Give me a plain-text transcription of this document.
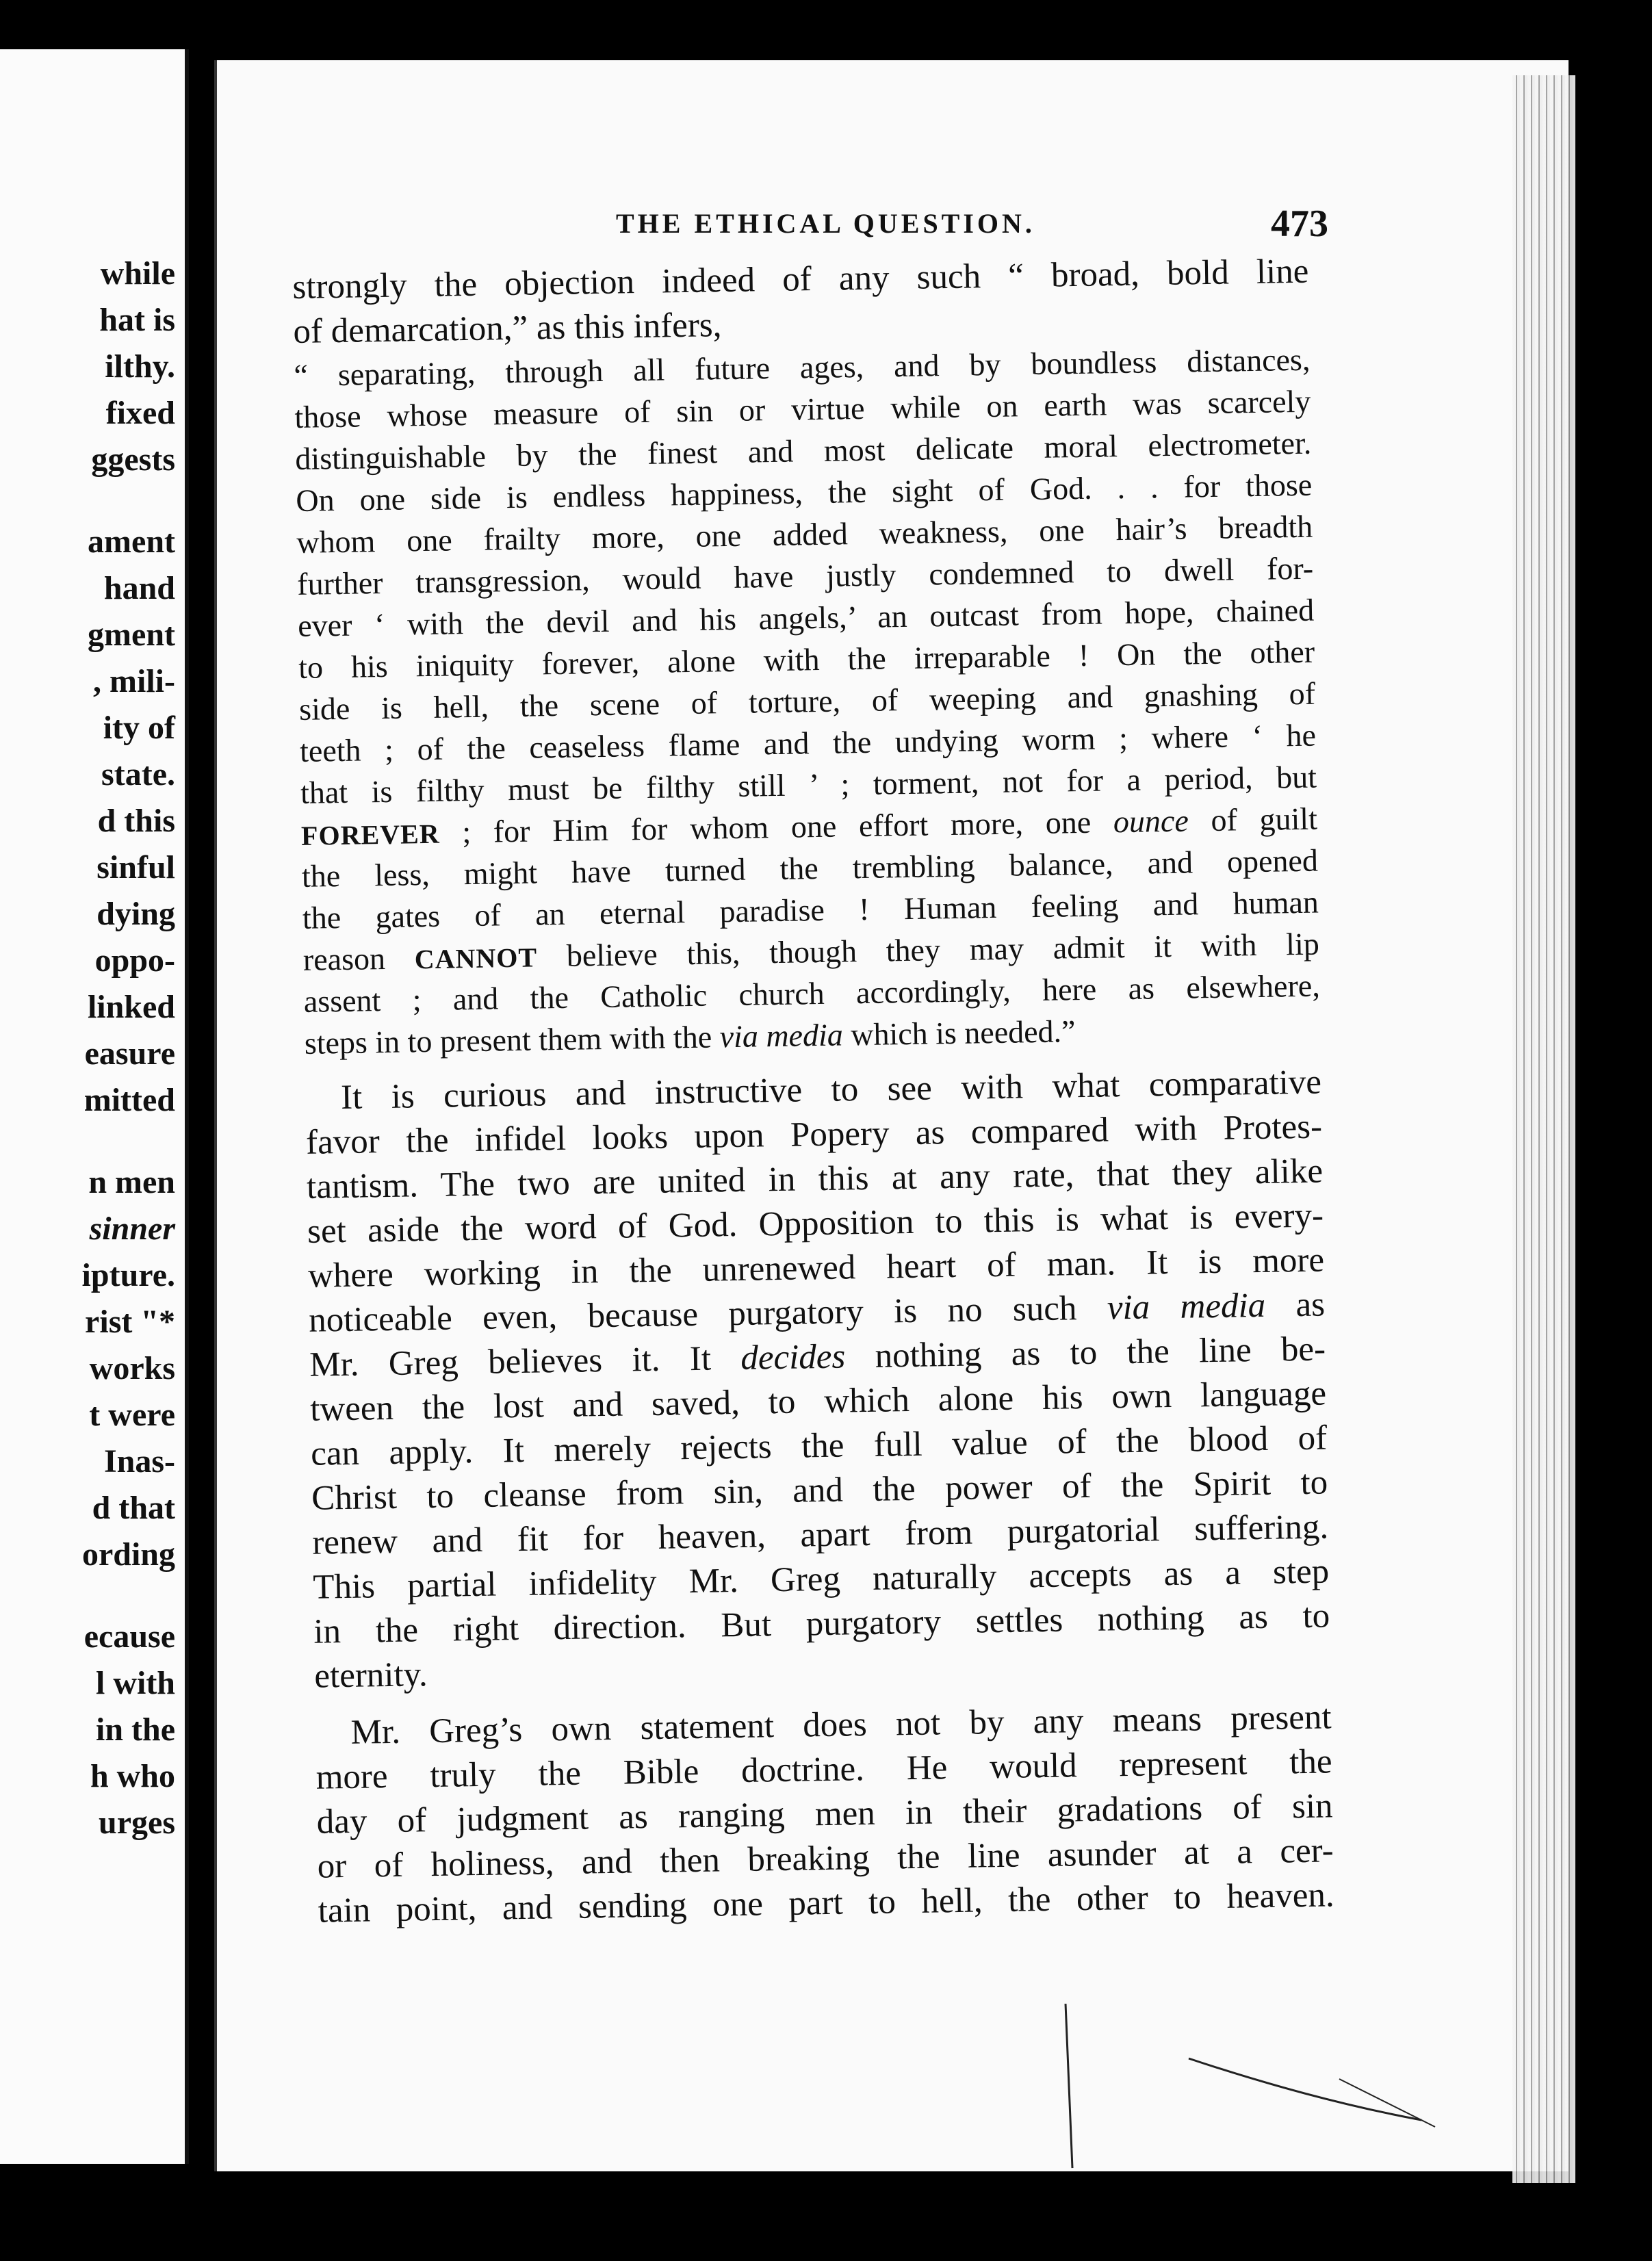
while
hat is
ilthy.
fixed
ggests
ament
hand
gment
, mili-
ity of
state.
d this
sinful
dying
oppo-
linked
easure
mitted
n men
sinner
ipture.
rist "*
works
t were
Inas-
d that
ording
ecause
l with
in the
h who
urges
THE ETHICAL QUESTION.	473
strongly the objection indeed of any such “ broad, bold line
of demarcation,” as this infers,
“ separating, through all future ages, and by boundless distances,
those whose measure of sin or virtue while on earth was scarcely
distinguishable by the finest and most delicate moral electrometer.
On one side is endless happiness, the sight of God. . . for those
whom one frailty more, one added weakness, one hair’s breadth
further transgression, would have justly condemned to dwell for-
ever ‘ with the devil and his angels,’ an outcast from hope, chained
to his iniquity forever, alone with the irreparable ! On the other
side is hell, the scene of torture, of weeping and gnashing of
teeth ; of the ceaseless flame and the undying worm ; where ‘ he
that is filthy must be filthy still ’ ; torment, not for a period, but
FOREVER ; for Him for whom one effort more, one ounce of guilt
the less, might have turned the trembling balance, and opened
the gates of an eternal paradise ! Human feeling and human
reason CANNOT believe this, though they may admit it with lip
assent ; and the Catholic church accordingly, here as elsewhere,
steps in to present them with the via media which is needed.”
It is curious and instructive to see with what comparative
favor the infidel looks upon Popery as compared with Protes-
tantism. The two are united in this at any rate, that they alike
set aside the word of God. Opposition to this is what is every-
where working in the unrenewed heart of man. It is more
noticeable even, because purgatory is no such via media as
Mr. Greg believes it. It decides nothing as to the line be-
tween the lost and saved, to which alone his own language
can apply. It merely rejects the full value of the blood of
Christ to cleanse from sin, and the power of the Spirit to
renew and fit for heaven, apart from purgatorial suffering.
This partial infidelity Mr. Greg naturally accepts as a step
in the right direction. But purgatory settles nothing as to
eternity.
Mr. Greg’s own statement does not by any means present
more truly the Bible doctrine. He would represent the
day of judgment as ranging men in their gradations of sin
or of holiness, and then breaking the line asunder at a cer-
tain point, and sending one part to hell, the other to heaven.
